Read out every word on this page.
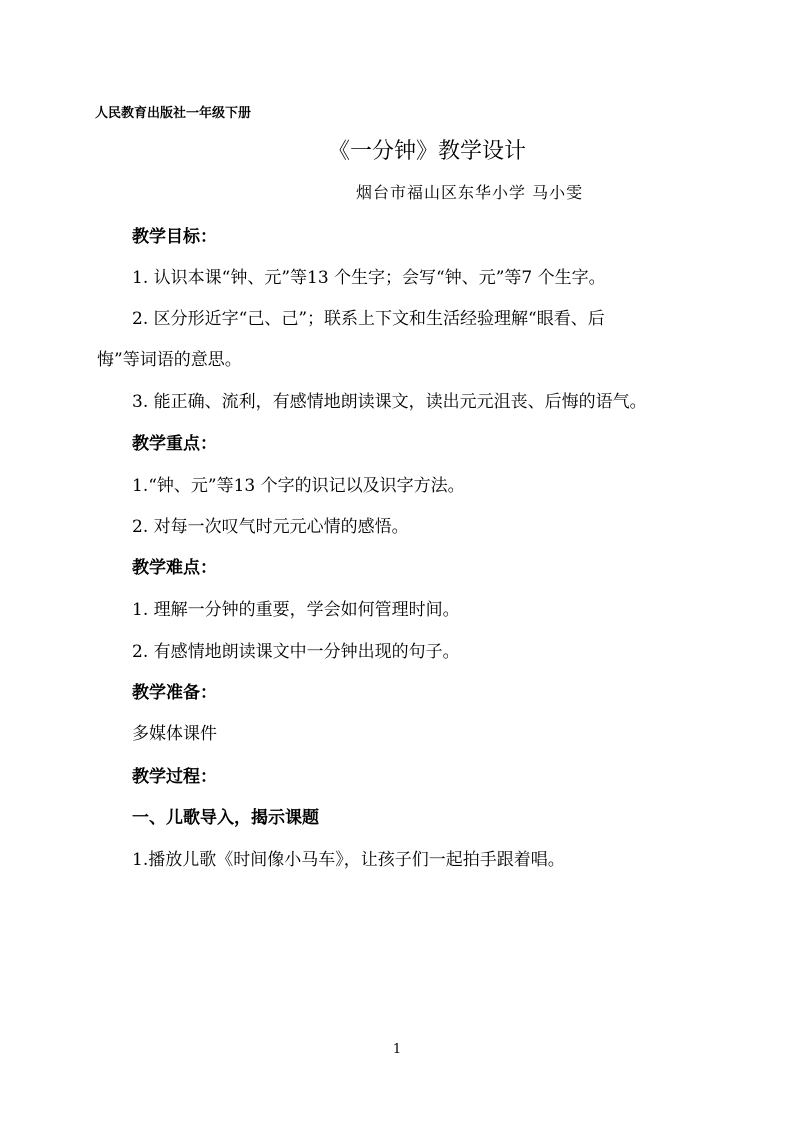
人民教育出版社一年级下册
《一分钟》教学设计
烟台市福山区东华小学 马小雯
教学目标：
1. 认识本课“钟、元”等13 个生字；会写“钟、元”等7 个生字。
2. 区分形近字“己、己”；联系上下文和生活经验理解“眼看、后
悔”等词语的意思。
3. 能正确、流利，有感情地朗读课文，读出元元沮丧、后悔的语气。
教学重点：
1.“钟、元”等13 个字的识记以及识字方法。
2. 对每一次叹气时元元心情的感悟。
教学难点：
1. 理解一分钟的重要，学会如何管理时间。
2. 有感情地朗读课文中一分钟出现的句子。
教学准备：
多媒体课件
教学过程：
一、儿歌导入，揭示课题
1.播放儿歌《时间像小马车》，让孩子们一起拍手跟着唱。
1
